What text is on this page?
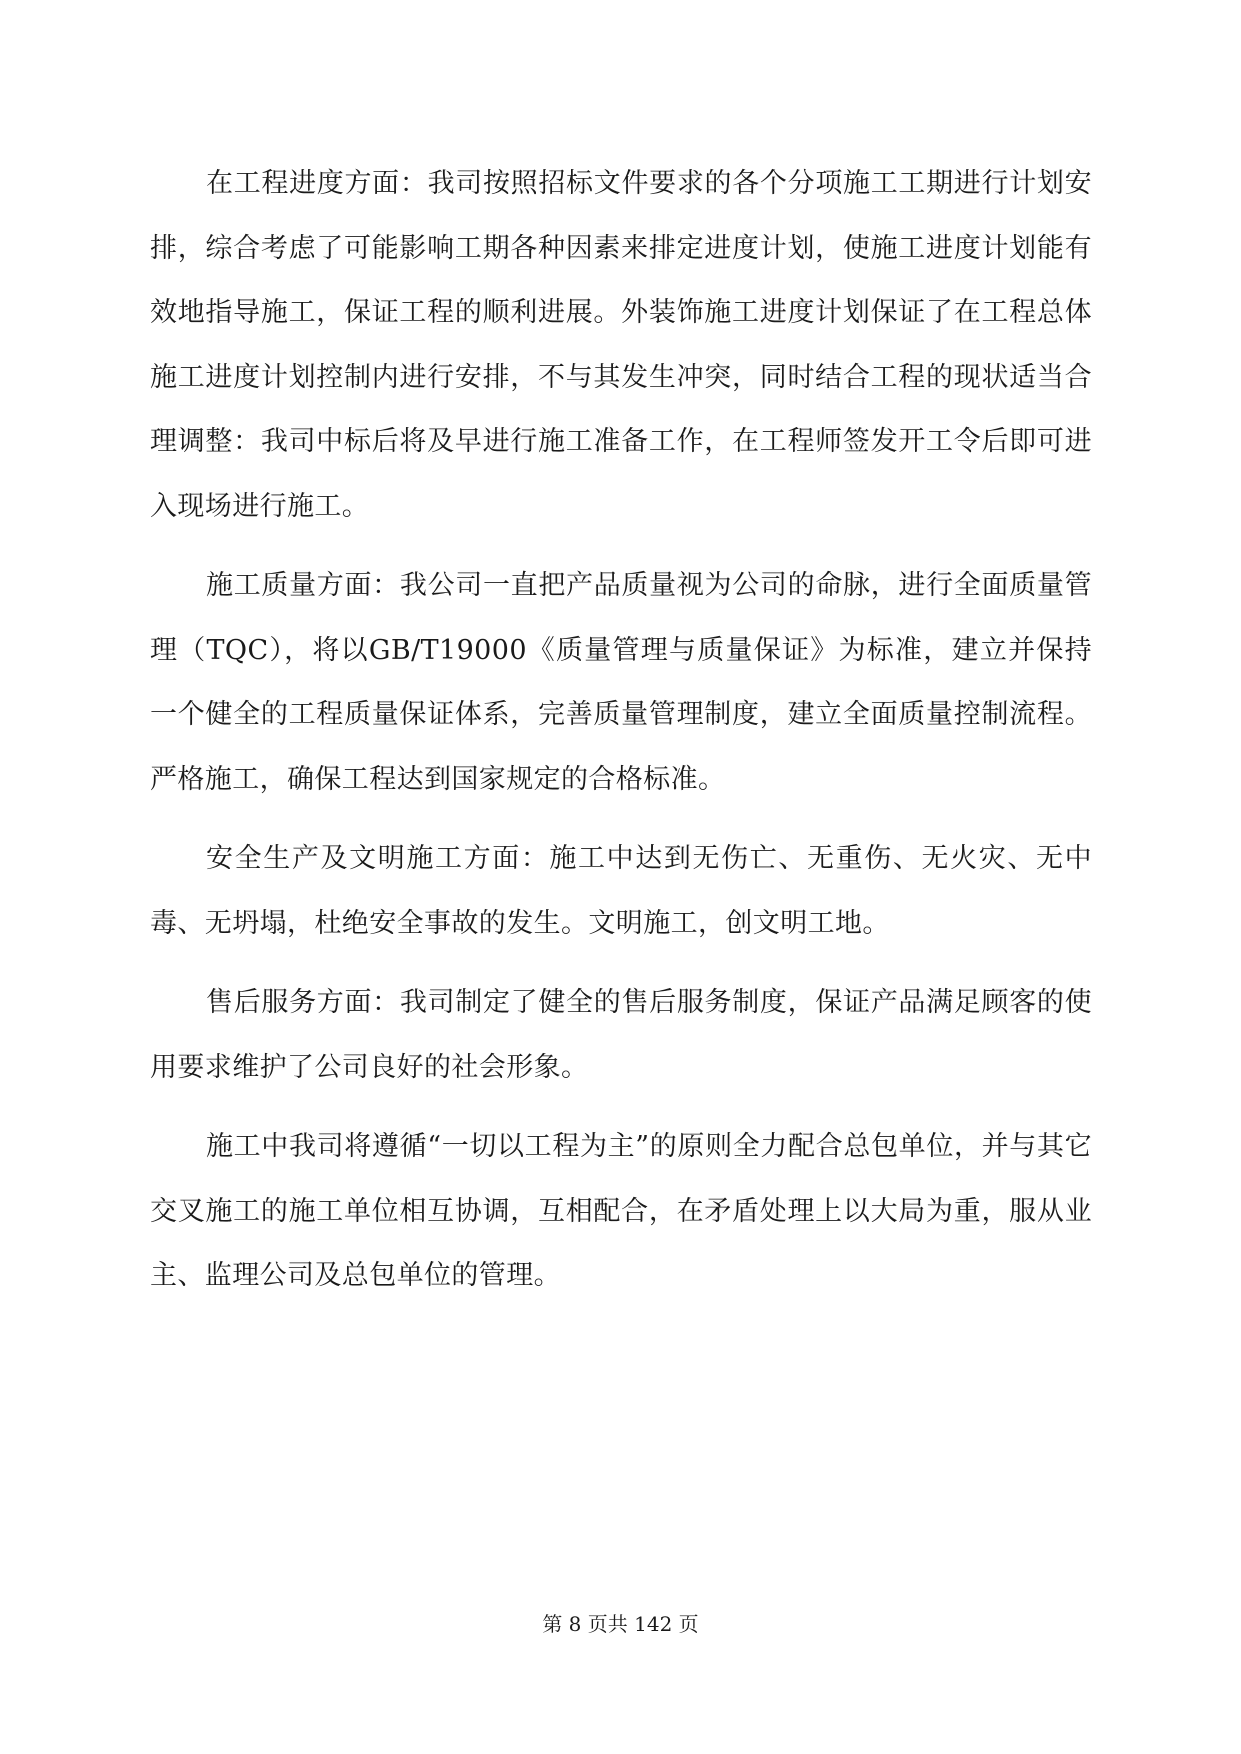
在工程进度方面：我司按照招标文件要求的各个分项施工工期进行计划安排，综合考虑了可能影响工期各种因素来排定进度计划，使施工进度计划能有效地指导施工，保证工程的顺利进展。外装饰施工进度计划保证了在工程总体施工进度计划控制内进行安排，不与其发生冲突，同时结合工程的现状适当合理调整：我司中标后将及早进行施工准备工作，在工程师签发开工令后即可进入现场进行施工。

施工质量方面：我公司一直把产品质量视为公司的命脉，进行全面质量管理（TQC），将以GB/T19000《质量管理与质量保证》为标准，建立并保持一个健全的工程质量保证体系，完善质量管理制度，建立全面质量控制流程。严格施工，确保工程达到国家规定的合格标准。

安全生产及文明施工方面：施工中达到无伤亡、无重伤、无火灾、无中毒、无坍塌，杜绝安全事故的发生。文明施工，创文明工地。

售后服务方面：我司制定了健全的售后服务制度，保证产品满足顾客的使用要求维护了公司良好的社会形象。

施工中我司将遵循“一切以工程为主”的原则全力配合总包单位，并与其它交叉施工的施工单位相互协调，互相配合，在矛盾处理上以大局为重，服从业主、监理公司及总包单位的管理。

第 8 页共 142 页
